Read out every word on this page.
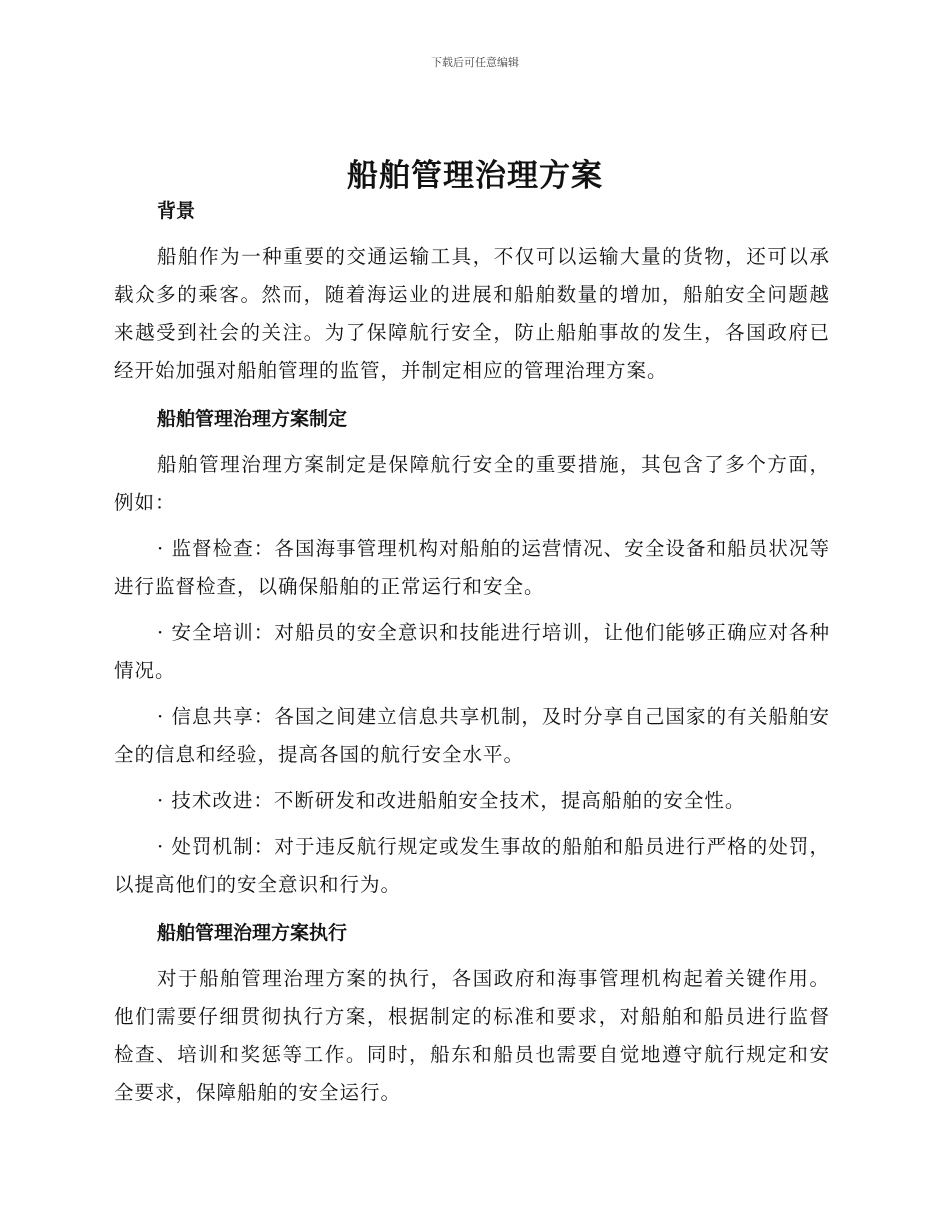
下载后可任意编辑
船舶管理治理方案

背景

船舶作为一种重要的交通运输工具，不仅可以运输大量的货物，还可以承载众多的乘客。然而，随着海运业的进展和船舶数量的增加，船舶安全问题越来越受到社会的关注。为了保障航行安全，防止船舶事故的发生，各国政府已经开始加强对船舶管理的监管，并制定相应的管理治理方案。

船舶管理治理方案制定

船舶管理治理方案制定是保障航行安全的重要措施，其包含了多个方面，例如：

· 监督检查：各国海事管理机构对船舶的运营情况、安全设备和船员状况等进行监督检查，以确保船舶的正常运行和安全。

· 安全培训：对船员的安全意识和技能进行培训，让他们能够正确应对各种情况。

· 信息共享：各国之间建立信息共享机制，及时分享自己国家的有关船舶安全的信息和经验，提高各国的航行安全水平。

· 技术改进：不断研发和改进船舶安全技术，提高船舶的安全性。

· 处罚机制：对于违反航行规定或发生事故的船舶和船员进行严格的处罚，以提高他们的安全意识和行为。

船舶管理治理方案执行

对于船舶管理治理方案的执行，各国政府和海事管理机构起着关键作用。他们需要仔细贯彻执行方案，根据制定的标准和要求，对船舶和船员进行监督检查、培训和奖惩等工作。同时，船东和船员也需要自觉地遵守航行规定和安全要求，保障船舶的安全运行。
